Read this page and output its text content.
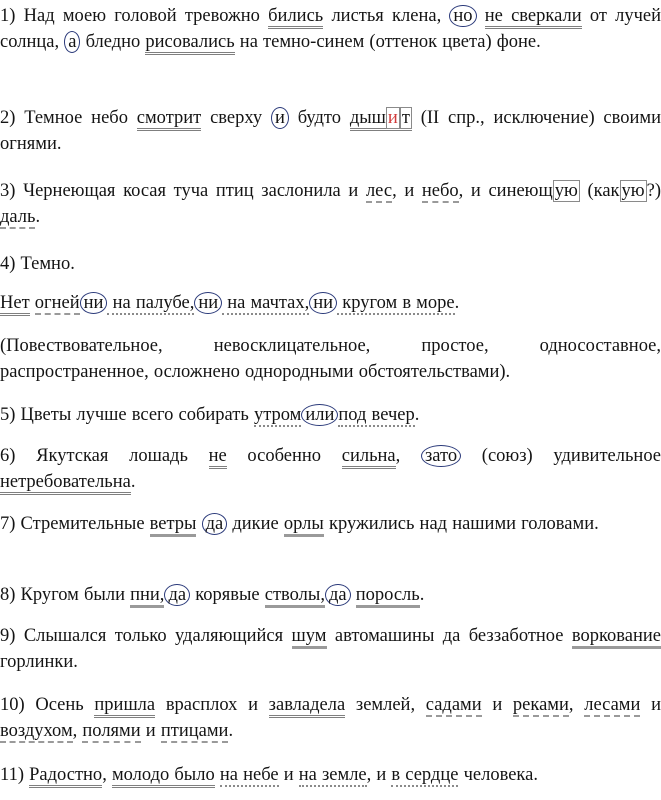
1) Над моею головой тревожно бились листья клена, но не сверкали от лучей солнца, а бледно рисовались на темно-синем (оттенок цвета) фоне.
2) Темное небо смотрит сверху и будто дыш и т (II спр., исключение) своими огнями.
3) Чернеющая косая туча птиц заслонила и лес, и небо, и синеющ ую (как ую ?) даль.
4) Темно.
Нет огней ни на палубе, ни на мачтах, ни кругом в море.
(Повествовательное, невосклицательное, простое, односоставное, распространенное, осложнено однородными обстоятельствами).
5) Цветы лучше всего собирать утром или под вечер.
6) Якутская лошадь не особенно сильна, зато (союз) удивительное нетребовательна.
7) Стремительные ветры да дикие орлы кружились над нашими головами.
8) Кругом были пни, да корявые стволы, да поросль.
9) Слышался только удаляющийся шум автомашины да беззаботное воркование горлинки.
10) Осень пришла врасплох и завладела землей, садами и реками, лесами и воздухом, полями и птицами.
11) Радостно, молодо было на небе и на земле, и в сердце человека.
